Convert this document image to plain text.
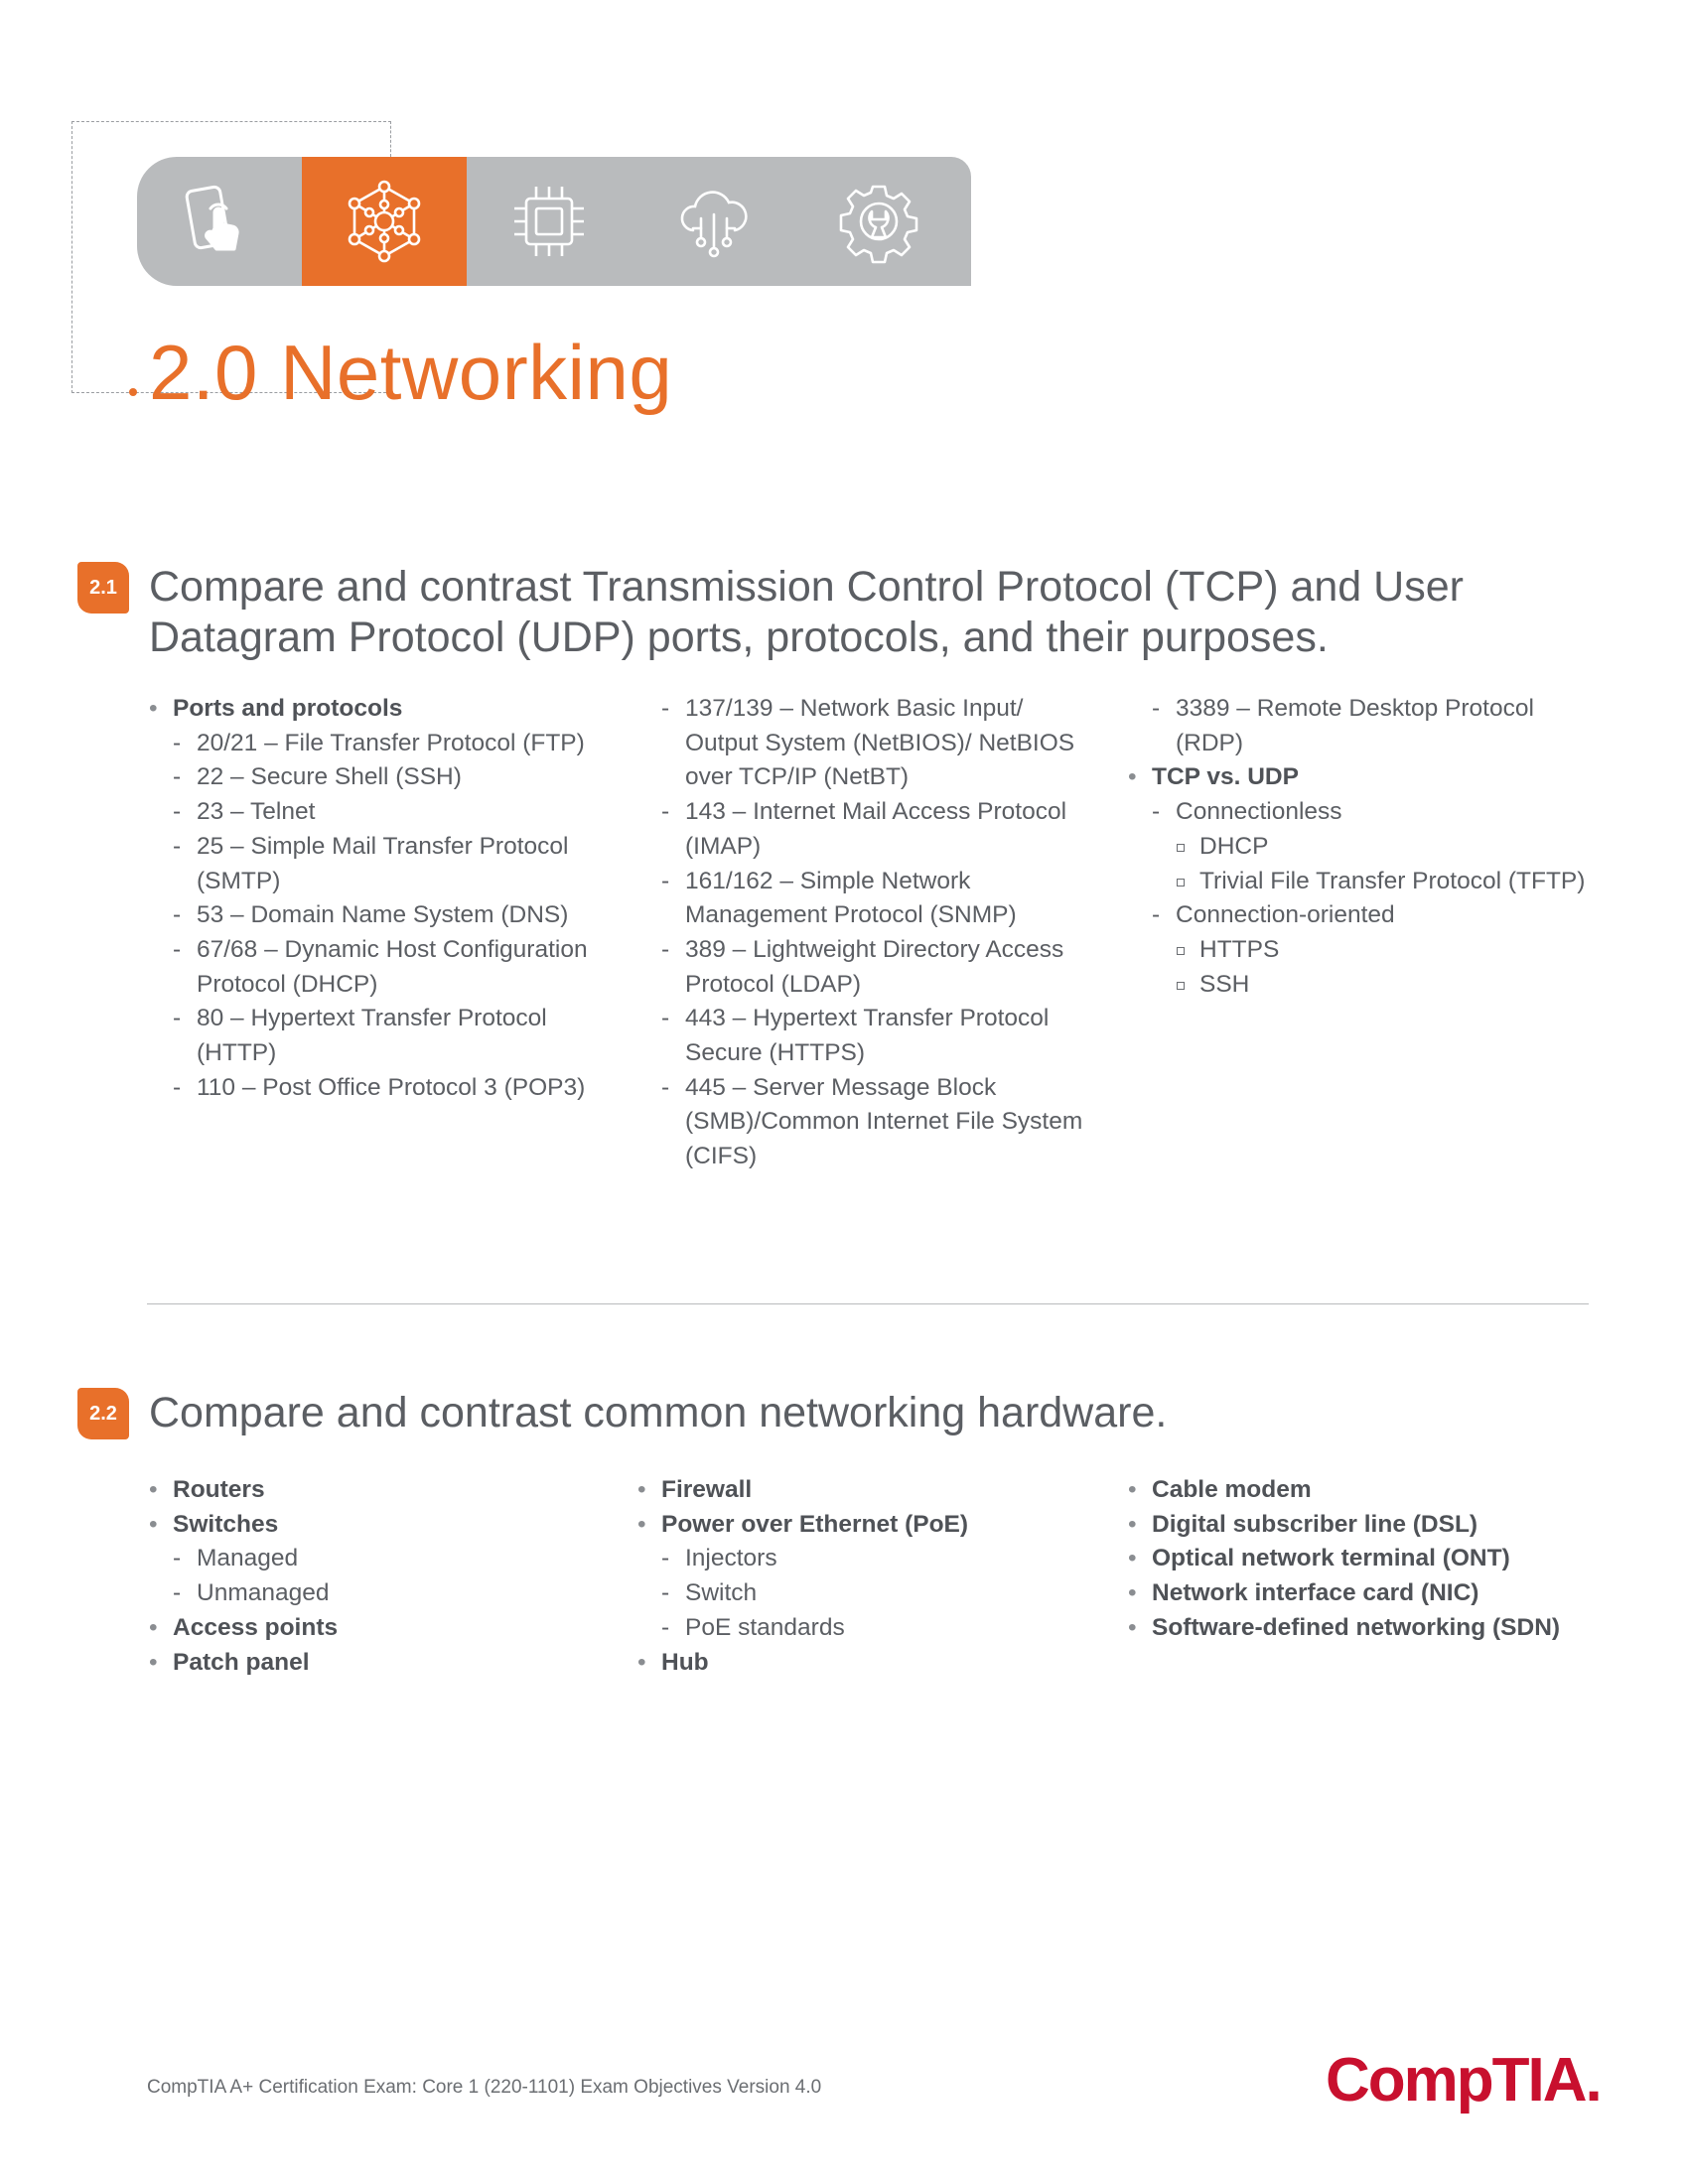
2.0 Networking
2.1 Compare and contrast Transmission Control Protocol (TCP) and User Datagram Protocol (UDP) ports, protocols, and their purposes.
• Ports and protocols
- 20/21 – File Transfer Protocol (FTP)
- 22 – Secure Shell (SSH)
- 23 – Telnet
- 25 – Simple Mail Transfer Protocol (SMTP)
- 53 – Domain Name System (DNS)
- 67/68 – Dynamic Host Configuration Protocol (DHCP)
- 80 – Hypertext Transfer Protocol (HTTP)
- 110 – Post Office Protocol 3 (POP3)
- 137/139 – Network Basic Input/ Output System (NetBIOS)/ NetBIOS over TCP/IP (NetBT)
- 143 – Internet Mail Access Protocol (IMAP)
- 161/162 – Simple Network Management Protocol (SNMP)
- 389 – Lightweight Directory Access Protocol (LDAP)
- 443 – Hypertext Transfer Protocol Secure (HTTPS)
- 445 – Server Message Block (SMB)/Common Internet File System (CIFS)
- 3389 – Remote Desktop Protocol (RDP)
• TCP vs. UDP
- Connectionless
DHCP
Trivial File Transfer Protocol (TFTP)
- Connection-oriented
HTTPS
SSH
2.2 Compare and contrast common networking hardware.
• Routers
• Switches
- Managed
- Unmanaged
• Access points
• Patch panel
• Firewall
• Power over Ethernet (PoE)
- Injectors
- Switch
- PoE standards
• Hub
• Cable modem
• Digital subscriber line (DSL)
• Optical network terminal (ONT)
• Network interface card (NIC)
• Software-defined networking (SDN)
CompTIA A+ Certification Exam: Core 1 (220-1101) Exam Objectives Version 4.0	CompTIA.
